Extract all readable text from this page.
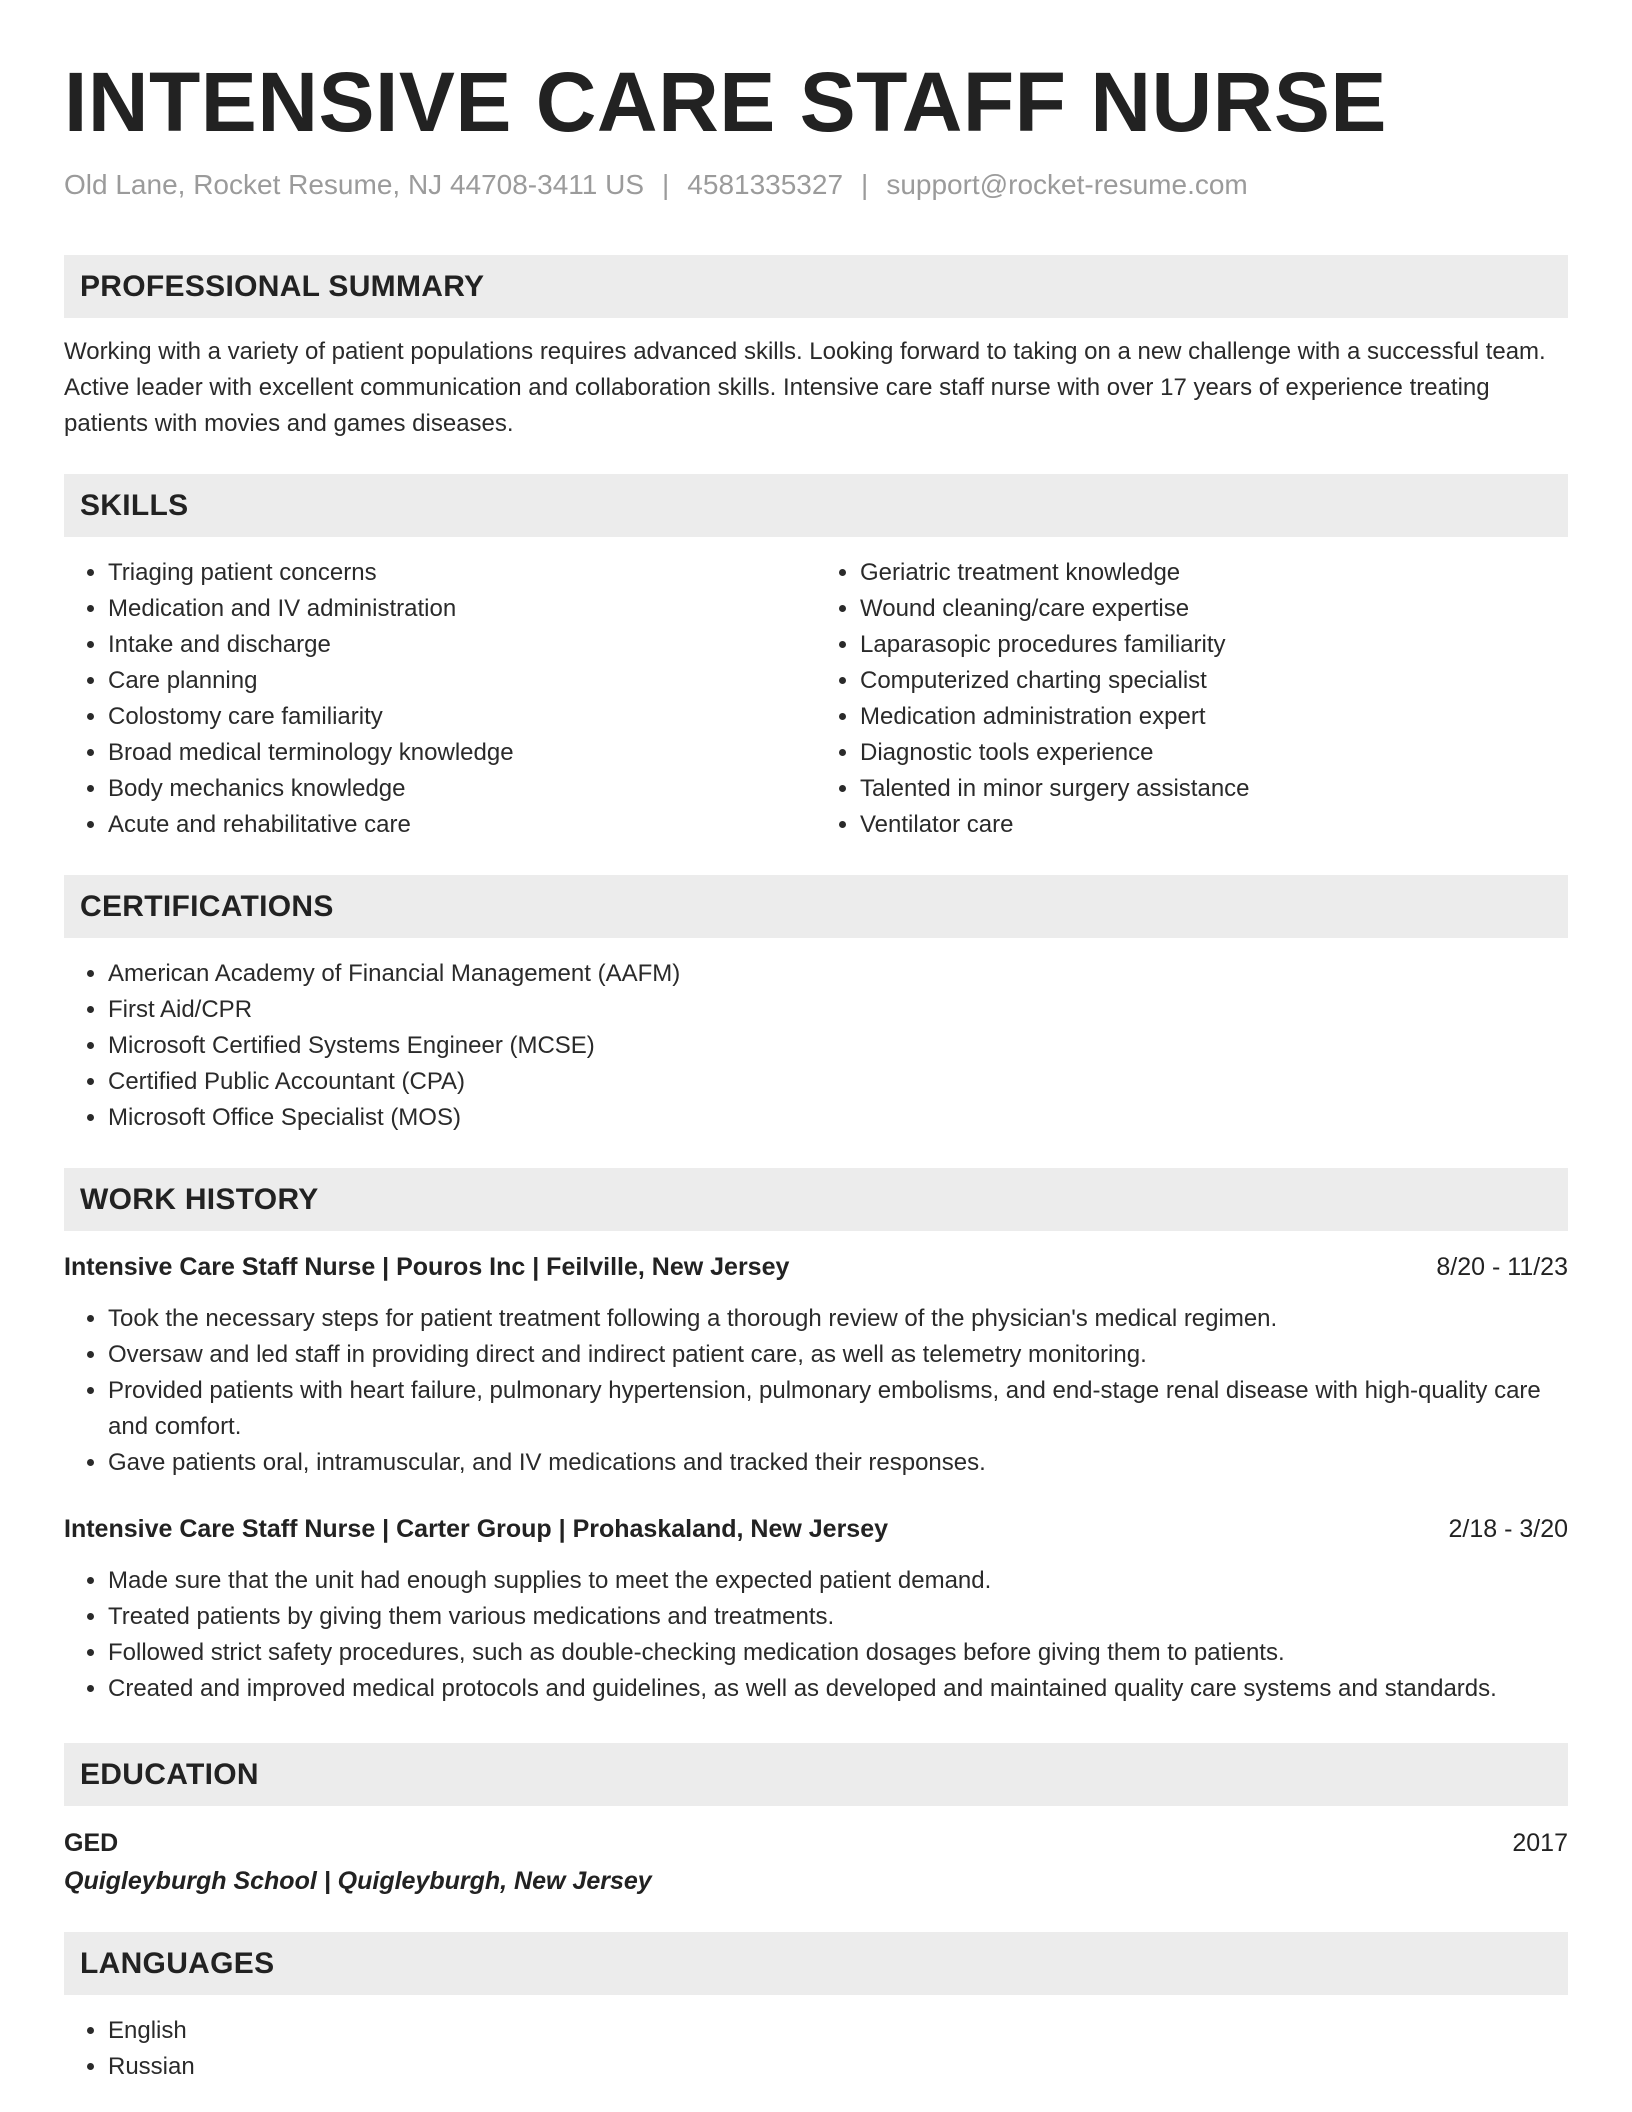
INTENSIVE CARE STAFF NURSE
Old Lane, Rocket Resume, NJ 44708-3411 US | 4581335327 | support@rocket-resume.com
PROFESSIONAL SUMMARY

Working with a variety of patient populations requires advanced skills. Looking forward to taking on a new challenge with a successful team. Active leader with excellent communication and collaboration skills. Intensive care staff nurse with over 17 years of experience treating patients with movies and games diseases.

SKILLS
• Triaging patient concerns
• Medication and IV administration
• Intake and discharge
• Care planning
• Colostomy care familiarity
• Broad medical terminology knowledge
• Body mechanics knowledge
• Acute and rehabilitative care
• Geriatric treatment knowledge
• Wound cleaning/care expertise
• Laparasopic procedures familiarity
• Computerized charting specialist
• Medication administration expert
• Diagnostic tools experience
• Talented in minor surgery assistance
• Ventilator care
CERTIFICATIONS
• American Academy of Financial Management (AAFM)
• First Aid/CPR
• Microsoft Certified Systems Engineer (MCSE)
• Certified Public Accountant (CPA)
• Microsoft Office Specialist (MOS)
WORK HISTORY
Intensive Care Staff Nurse | Pouros Inc | Feilville, New Jersey	8/20 - 11/23
• Took the necessary steps for patient treatment following a thorough review of the physician's medical regimen.
• Oversaw and led staff in providing direct and indirect patient care, as well as telemetry monitoring.
• Provided patients with heart failure, pulmonary hypertension, pulmonary embolisms, and end-stage renal disease with high-quality care and comfort.
• Gave patients oral, intramuscular, and IV medications and tracked their responses.
Intensive Care Staff Nurse | Carter Group | Prohaskaland, New Jersey	2/18 - 3/20
• Made sure that the unit had enough supplies to meet the expected patient demand.
• Treated patients by giving them various medications and treatments.
• Followed strict safety procedures, such as double-checking medication dosages before giving them to patients.
• Created and improved medical protocols and guidelines, as well as developed and maintained quality care systems and standards.
EDUCATION
GED	2017
Quigleyburgh School | Quigleyburgh, New Jersey
LANGUAGES
• English
• Russian
